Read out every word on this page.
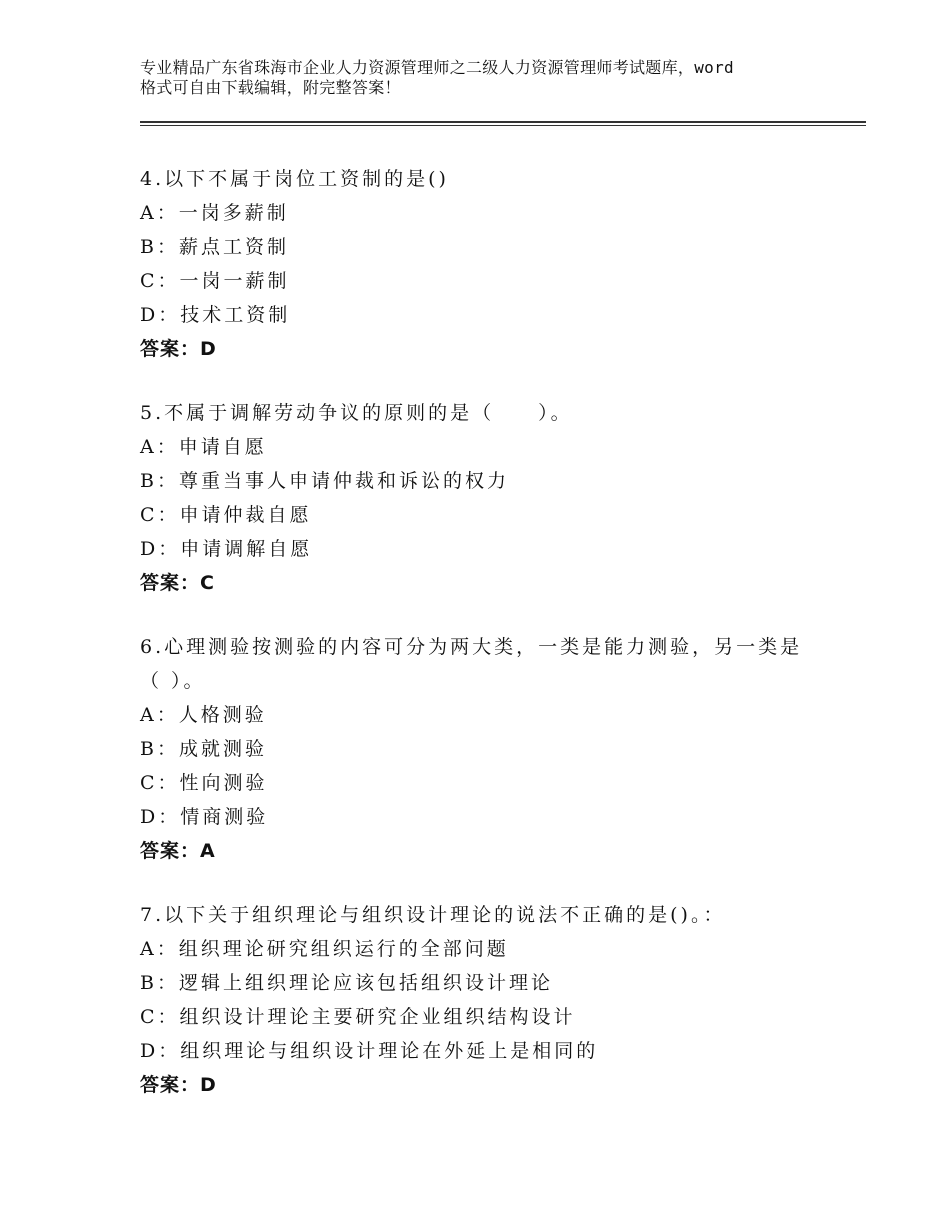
专业精品广东省珠海市企业人力资源管理师之二级人力资源管理师考试题库，word
格式可自由下载编辑，附完整答案！
4.以下不属于岗位工资制的是()
A：一岗多薪制
B：薪点工资制
C：一岗一薪制
D：技术工资制
答案：D
5.不属于调解劳动争议的原则的是（　　）。
A：申请自愿
B：尊重当事人申请仲裁和诉讼的权力
C：申请仲裁自愿
D：申请调解自愿
答案：C
6.心理测验按测验的内容可分为两大类，一类是能力测验，另一类是
（ ）。
A：人格测验
B：成就测验
C：性向测验
D：情商测验
答案：A
7.以下关于组织理论与组织设计理论的说法不正确的是()。：
A：组织理论研究组织运行的全部问题
B：逻辑上组织理论应该包括组织设计理论
C：组织设计理论主要研究企业组织结构设计
D：组织理论与组织设计理论在外延上是相同的
答案：D
